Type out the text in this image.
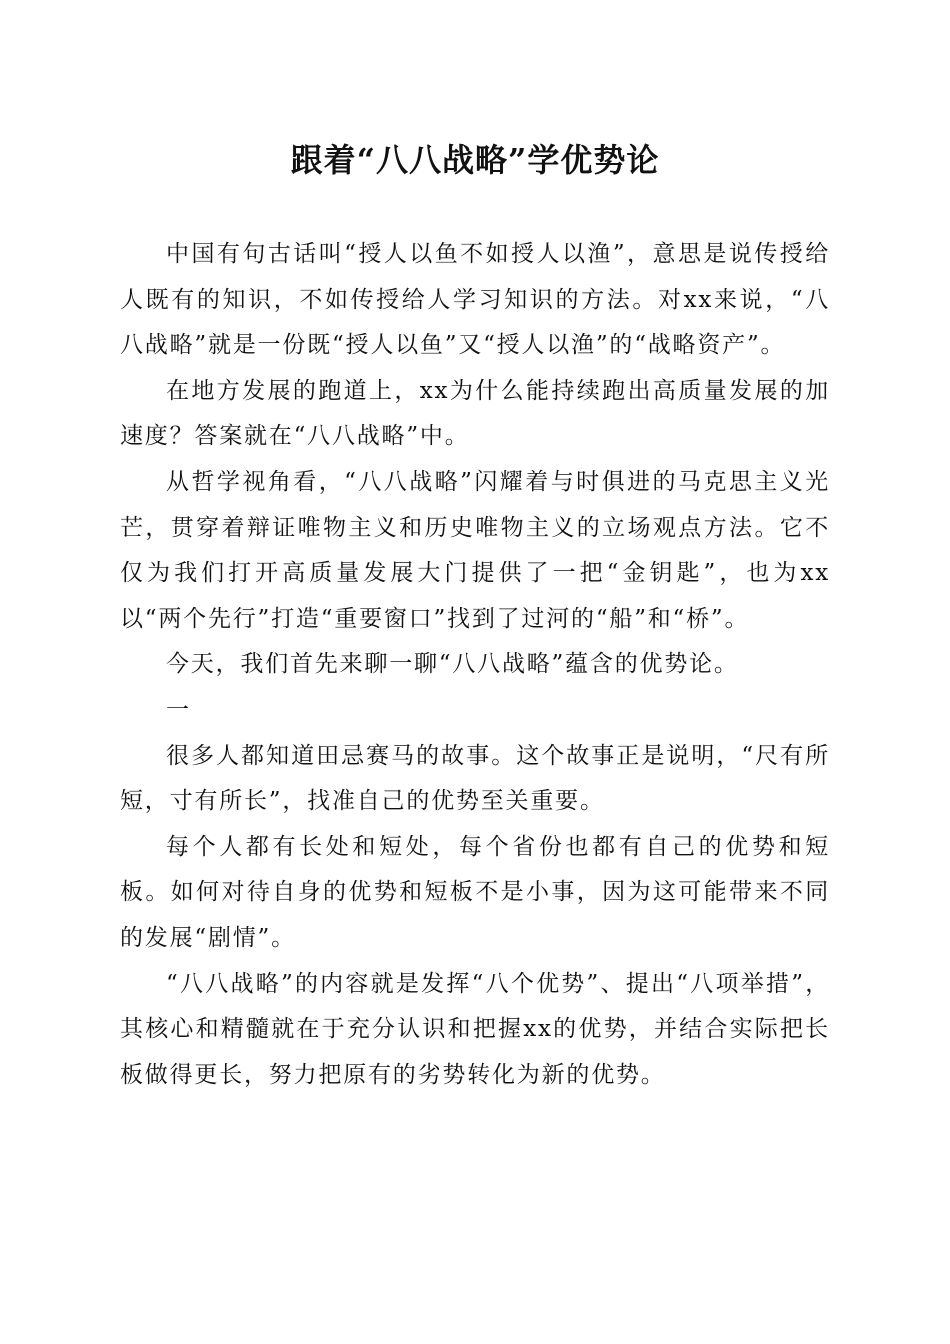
跟着“八八战略”学优势论

中国有句古话叫“授人以鱼不如授人以渔”，意思是说传授给人既有的知识，不如传授给人学习知识的方法。对xx来说，“八八战略”就是一份既“授人以鱼”又“授人以渔”的“战略资产”。

在地方发展的跑道上，xx为什么能持续跑出高质量发展的加速度？答案就在“八八战略”中。

从哲学视角看，“八八战略”闪耀着与时俱进的马克思主义光芒，贯穿着辩证唯物主义和历史唯物主义的立场观点方法。它不仅为我们打开高质量发展大门提供了一把“金钥匙”，也为xx以“两个先行”打造“重要窗口”找到了过河的“船”和“桥”。

今天，我们首先来聊一聊“八八战略”蕴含的优势论。

一

很多人都知道田忌赛马的故事。这个故事正是说明，“尺有所短，寸有所长”，找准自己的优势至关重要。

每个人都有长处和短处，每个省份也都有自己的优势和短板。如何对待自身的优势和短板不是小事，因为这可能带来不同的发展“剧情”。

“八八战略”的内容就是发挥“八个优势”、提出“八项举措”，其核心和精髓就在于充分认识和把握xx的优势，并结合实际把长板做得更长，努力把原有的劣势转化为新的优势。
